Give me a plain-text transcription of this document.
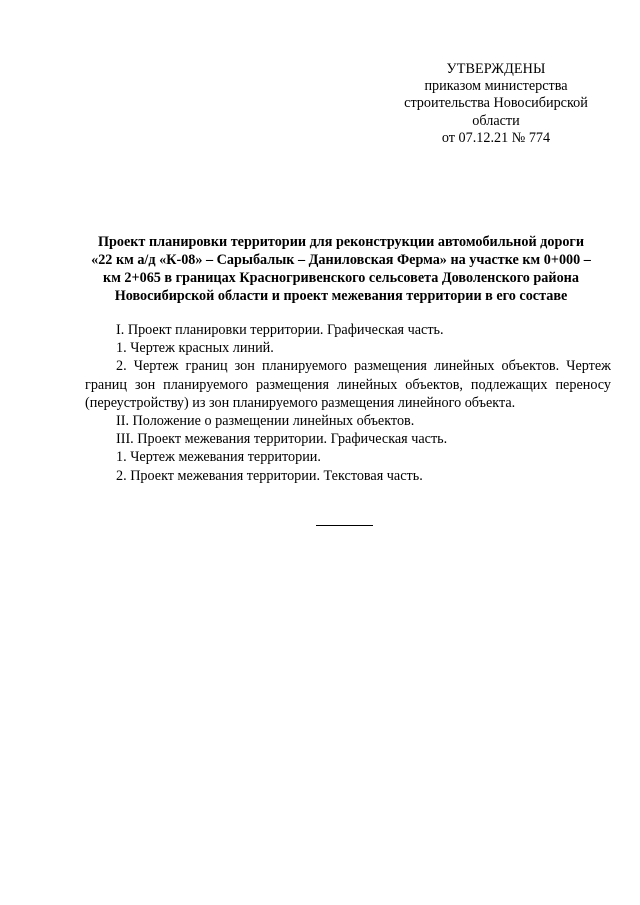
УТВЕРЖДЕНЫ
приказом министерства
строительства Новосибирской
области
от 07.12.21 № 774
Проект планировки территории для реконструкции автомобильной дороги
«22 км а/д «К-08» – Сарыбалык – Даниловская Ферма» на участке км 0+000 –
км 2+065 в границах Красногривенского сельсовета Доволенского района
Новосибирской области и проект межевания территории в его составе
I. Проект планировки территории. Графическая часть.
1. Чертеж красных линий.
2. Чертеж границ зон планируемого размещения линейных объектов. Чертеж границ зон планируемого размещения линейных объектов, подлежащих переносу (переустройству) из зон планируемого размещения линейного объекта.
II. Положение о размещении линейных объектов.
III. Проект межевания территории. Графическая часть.
1. Чертеж межевания территории.
2. Проект межевания территории. Текстовая часть.
